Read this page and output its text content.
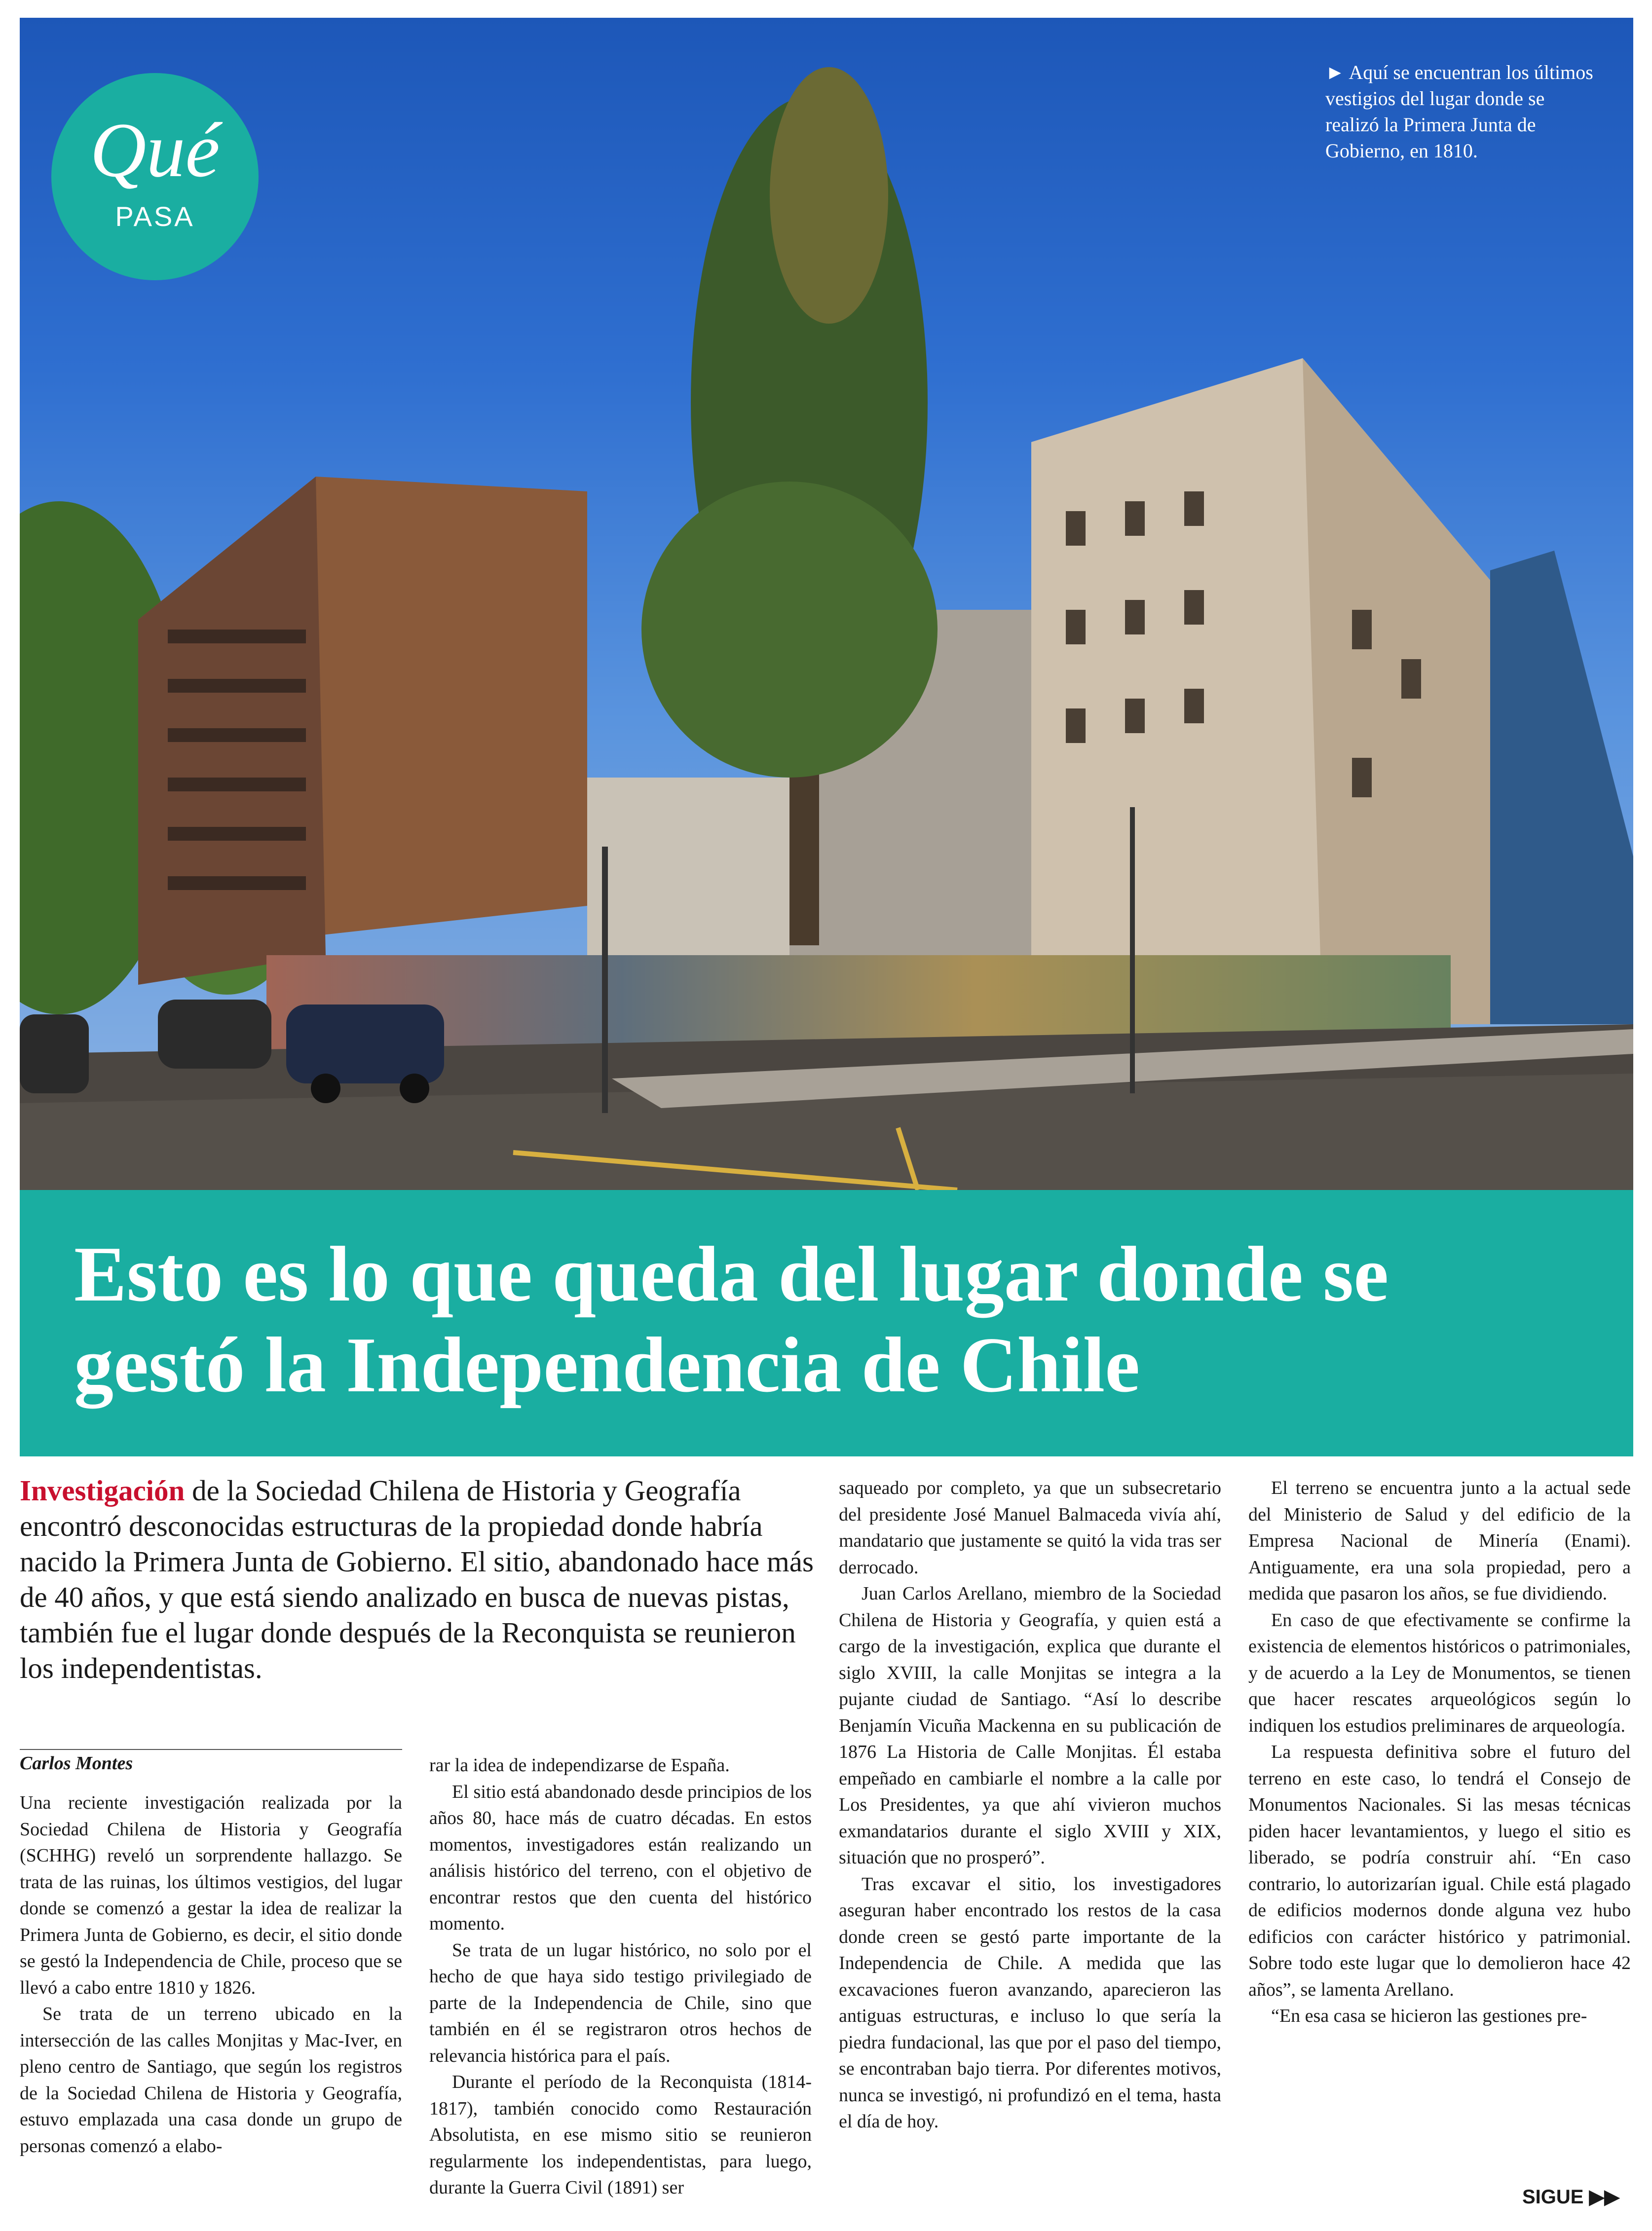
Qué
PASA
► Aquí se encuentran los últimos vestigios del lugar donde se realizó la Primera Junta de Gobierno, en 1810.
Esto es lo que queda del lugar donde se gestó la Independencia de Chile

Investigación de la Sociedad Chilena de Historia y Geografía encontró desconocidas estructuras de la propiedad donde habría nacido la Primera Junta de Gobierno. El sitio, abandonado hace más de 40 años, y que está siendo analizado en busca de nuevas pistas, también fue el lugar donde después de la Reconquista se reunieron los independentistas.

Carlos Montes

Una reciente investigación realizada por la Sociedad Chilena de Historia y Geografía (SCHHG) reveló un sorprendente hallazgo. Se trata de las ruinas, los últimos vestigios, del lugar donde se comenzó a gestar la idea de realizar la Primera Junta de Gobierno, es decir, el sitio donde se gestó la Independencia de Chile, proceso que se llevó a cabo entre 1810 y 1826.

Se trata de un terreno ubicado en la intersección de las calles Monjitas y Mac-Iver, en pleno centro de Santiago, que según los registros de la Sociedad Chilena de Historia y Geografía, estuvo emplazada una casa donde un grupo de personas comenzó a elabo-

rar la idea de independizarse de España.

El sitio está abandonado desde principios de los años 80, hace más de cuatro décadas. En estos momentos, investigadores están realizando un análisis histórico del terreno, con el objetivo de encontrar restos que den cuenta del histórico momento.

Se trata de un lugar histórico, no solo por el hecho de que haya sido testigo privilegiado de parte de la Independencia de Chile, sino que también en él se registraron otros hechos de relevancia histórica para el país.

Durante el período de la Reconquista (1814-1817), también conocido como Restauración Absolutista, en ese mismo sitio se reunieron regularmente los independentistas, para luego, durante la Guerra Civil (1891) ser

saqueado por completo, ya que un subsecretario del presidente José Manuel Balmaceda vivía ahí, mandatario que justamente se quitó la vida tras ser derrocado.

Juan Carlos Arellano, miembro de la Sociedad Chilena de Historia y Geografía, y quien está a cargo de la investigación, explica que durante el siglo XVIII, la calle Monjitas se integra a la pujante ciudad de Santiago. “Así lo describe Benjamín Vicuña Mackenna en su publicación de 1876 La Historia de Calle Monjitas. Él estaba empeñado en cambiarle el nombre a la calle por Los Presidentes, ya que ahí vivieron muchos exmandatarios durante el siglo XVIII y XIX, situación que no prosperó”.

Tras excavar el sitio, los investigadores aseguran haber encontrado los restos de la casa donde creen se gestó parte importante de la Independencia de Chile. A medida que las excavaciones fueron avanzando, aparecieron las antiguas estructuras, e incluso lo que sería la piedra fundacional, las que por el paso del tiempo, se encontraban bajo tierra. Por diferentes motivos, nunca se investigó, ni profundizó en el tema, hasta el día de hoy.

El terreno se encuentra junto a la actual sede del Ministerio de Salud y del edificio de la Empresa Nacional de Minería (Enami). Antiguamente, era una sola propiedad, pero a medida que pasaron los años, se fue dividiendo.

En caso de que efectivamente se confirme la existencia de elementos históricos o patrimoniales, y de acuerdo a la Ley de Monumentos, se tienen que hacer rescates arqueológicos según lo indiquen los estudios preliminares de arqueología.

La respuesta definitiva sobre el futuro del terreno en este caso, lo tendrá el Consejo de Monumentos Nacionales. Si las mesas técnicas piden hacer levantamientos, y luego el sitio es liberado, se podría construir ahí. “En caso contrario, lo autorizarían igual. Chile está plagado de edificios modernos donde alguna vez hubo edificios con carácter histórico y patrimonial. Sobre todo este lugar que lo demolieron hace 42 años”, se lamenta Arellano.

“En esa casa se hicieron las gestiones pre-

SIGUE ▶▶
